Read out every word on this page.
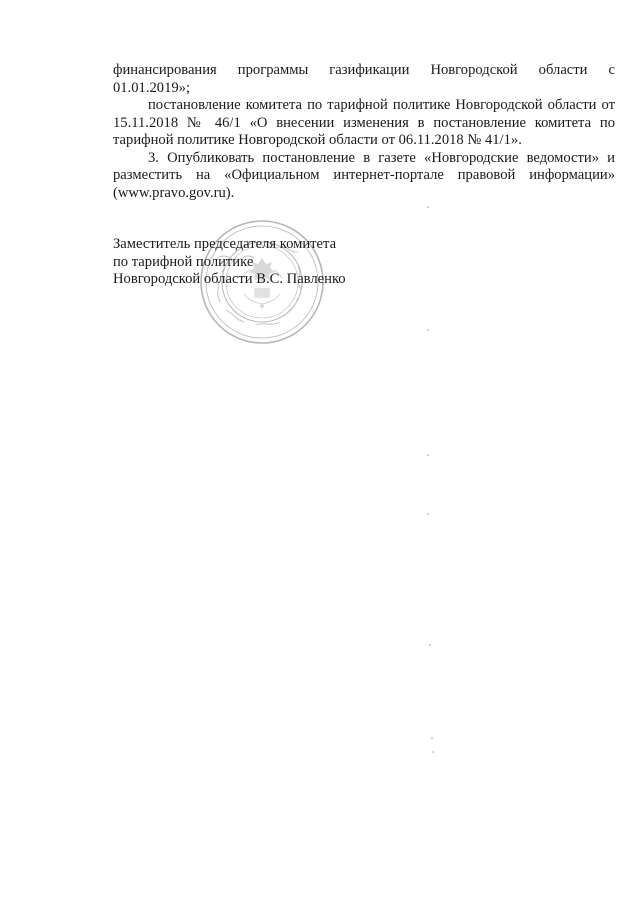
финансирования программы газификации Новгородской области с
01.01.2019»;

постановление комитета по тарифной политике Новгородской области от 15.11.2018 № 46/1 «О внесении изменения в постановление комитета по тарифной политике Новгородской области от 06.11.2018 № 41/1».

3. Опубликовать постановление в газете «Новгородские ведомости» и разместить на «Официальном интернет-портале правовой информации» (www.pravo.gov.ru).

Заместитель председателя комитета
по тарифной политике
Новгородской области В.С. Павленко
